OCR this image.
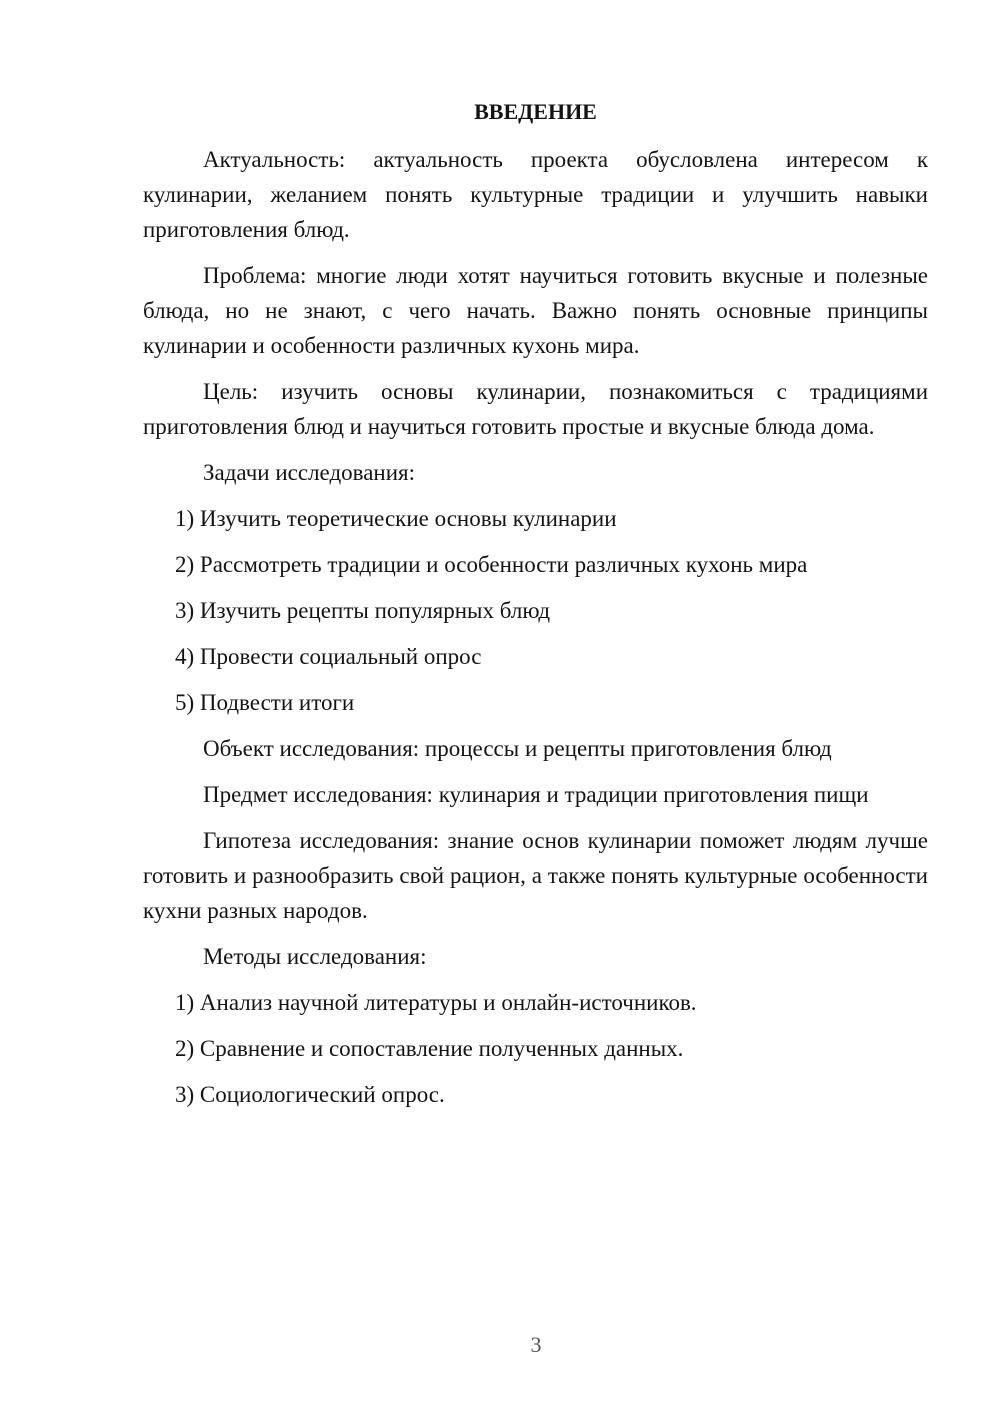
ВВЕДЕНИЕ
Актуальность: актуальность проекта обусловлена интересом к кулинарии, желанием понять культурные традиции и улучшить навыки приготовления блюд.
Проблема: многие люди хотят научиться готовить вкусные и полезные блюда, но не знают, с чего начать. Важно понять основные принципы кулинарии и особенности различных кухонь мира.
Цель: изучить основы кулинарии, познакомиться с традициями приготовления блюд и научиться готовить простые и вкусные блюда дома.
Задачи исследования:
1) Изучить теоретические основы кулинарии
2) Рассмотреть традиции и особенности различных кухонь мира
3) Изучить рецепты популярных блюд
4) Провести социальный опрос
5) Подвести итоги
Объект исследования: процессы и рецепты приготовления блюд
Предмет исследования: кулинария и традиции приготовления пищи
Гипотеза исследования: знание основ кулинарии поможет людям лучше готовить и разнообразить свой рацион, а также понять культурные особенности кухни разных народов.
Методы исследования:
1) Анализ научной литературы и онлайн-источников.
2) Сравнение и сопоставление полученных данных.
3) Социологический опрос.
3
